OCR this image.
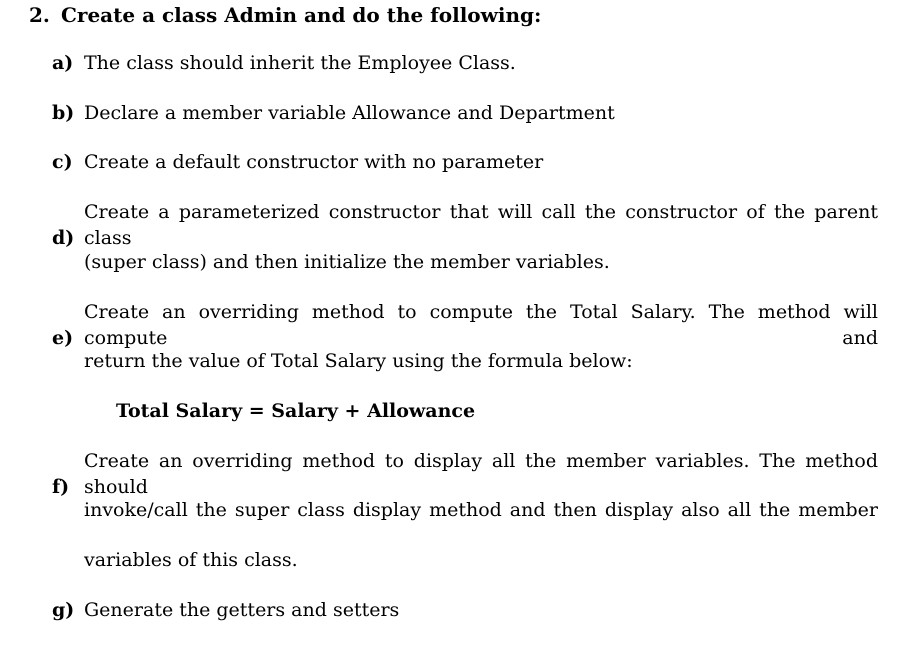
2. Create a class Admin and do the following:
a) The class should inherit the Employee Class.
b) Declare a member variable Allowance and Department
c) Create a default constructor with no parameter
d)Create a parameterized constructor that will call the constructor of the parent class
(super class) and then initialize the member variables.
e)Create an overriding method to compute the Total Salary. The method will compute and
return the value of Total Salary using the formula below:
Total Salary = Salary + Allowance
f)Create an overriding method to display all the member variables. The method should
invoke/call the super class display method and then display also all the member
variables of this class.
g) Generate the getters and setters
